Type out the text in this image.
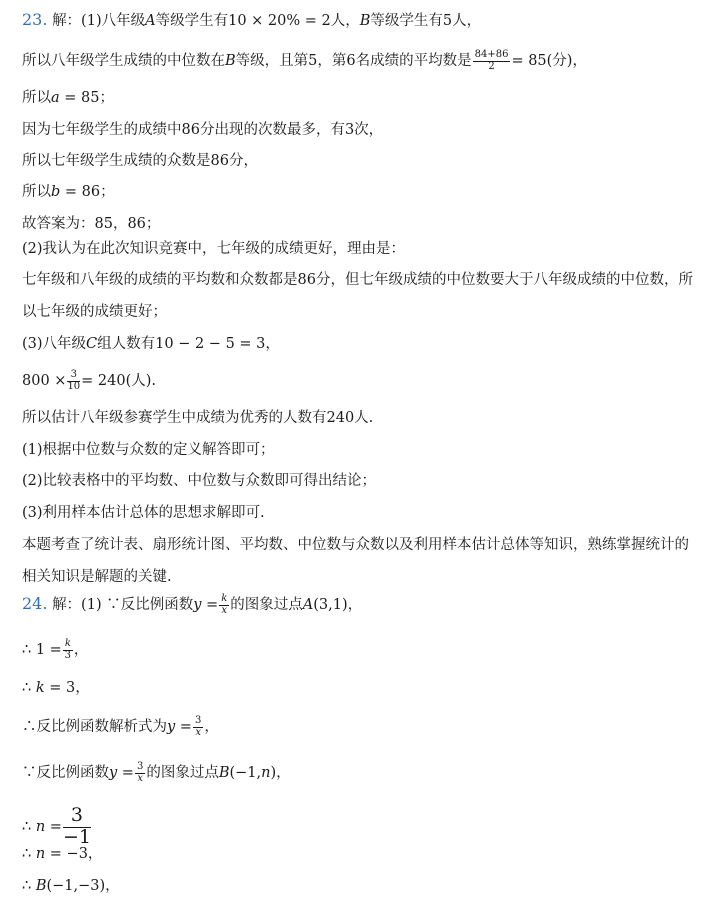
23. 解：(1)八年级A等级学生有10 × 20% = 2人，B等级学生有5人，
所以八年级学生成绩的中位数在B等级，且第5，第6名成绩的平均数是 $\frac{84+86}{2} = 85$(分)，
所以a = 85；
因为七年级学生的成绩中86分出现的次数最多，有3次，
所以七年级学生成绩的众数是86分，
所以b = 86；
故答案为：85，86；
(2)我认为在此次知识竞赛中，七年级的成绩更好，理由是：
七年级和八年级的成绩的平均数和众数都是86分，但七年级成绩的中位数要大于八年级成绩的中位数，所
以七年级的成绩更好；
(3)八年级C组人数有10 − 2 − 5 = 3，
$800 \times \frac{3}{10} = 240$(人).
所以估计八年级参赛学生中成绩为优秀的人数有240人.
(1)根据中位数与众数的定义解答即可；
(2)比较表格中的平均数、中位数与众数即可得出结论；
(3)利用样本估计总体的思想求解即可.
本题考查了统计表、扇形统计图、平均数、中位数与众数以及利用样本估计总体等知识，熟练掌握统计的
相关知识是解题的关键.
24. 解：(1) ∵反比例函数$y = \frac{k}{x}$ 的图象过点A(3,1)，
∴ $1 = \frac{k}{3}$ ，
∴ k = 3，
∴反比例函数解析式为$y = \frac{3}{x}$ ，
∵反比例函数$y = \frac{3}{x}$ 的图象过点B(−1,n)，
∴ $n = \frac{3}{-1}$
∴ n = −3，
∴ B(−1,−3)，
